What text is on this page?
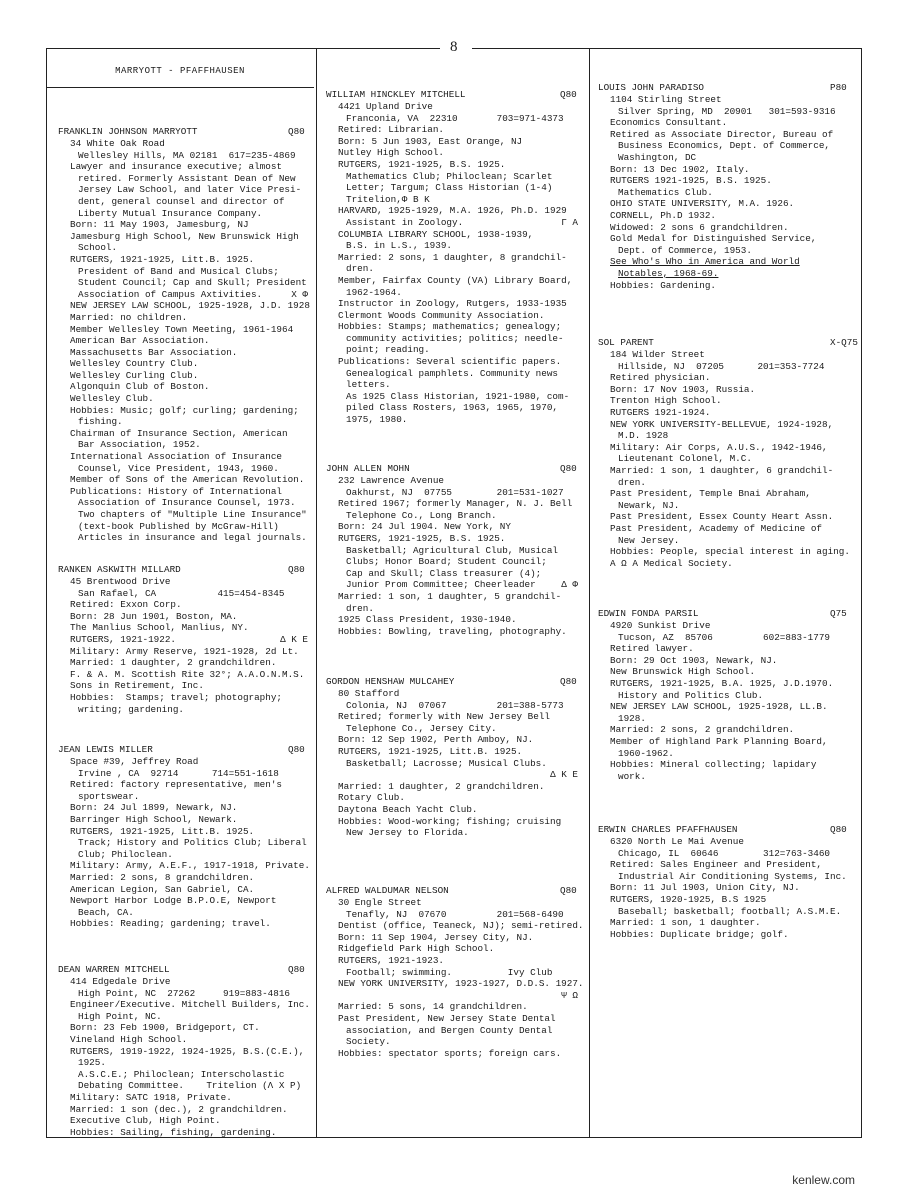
8
MARRYOTT - PFAFFHAUSEN
FRANKLIN JOHNSON MARRYOTT	Q80
34 White Oak Road
Wellesley Hills, MA 02181  617=235-4869
Lawyer and insurance executive; almost
retired. Formerly Assistant Dean of New
Jersey Law School, and later Vice Presi-
dent, general counsel and director of
Liberty Mutual Insurance Company.
Born: 11 May 1903, Jamesburg, NJ
Jamesburg High School, New Brunswick High
School.
RUTGERS, 1921-1925, Litt.B. 1925.
President of Band and Musical Clubs;
Student Council; Cap and Skull; President
Association of Campus Axtivities.	X Φ
NEW JERSEY LAW SCHOOL, 1925-1928, J.D. 1928
Married: no children.
Member Wellesley Town Meeting, 1961-1964
American Bar Association.
Massachusetts Bar Association.
Wellesley Country Club.
Wellesley Curling Club.
Algonquin Club of Boston.
Wellesley Club.
Hobbies: Music; golf; curling; gardening;
fishing.
Chairman of Insurance Section, American
Bar Association, 1952.
International Association of Insurance
Counsel, Vice President, 1943, 1960.
Member of Sons of the American Revolution.
Publications: History of International
Association of Insurance Counsel, 1973.
Two chapters of "Multiple Line Insurance"
(text-book Published by McGraw-Hill)
Articles in insurance and legal journals.
RANKEN ASKWITH MILLARD	Q80
45 Brentwood Drive
San Rafael, CA           415=454-8345
Retired: Exxon Corp.
Born: 28 Jun 1901, Boston, MA.
The Manlius School, Manlius, NY.
RUTGERS, 1921-1922.	Δ K E
Military: Army Reserve, 1921-1928, 2d Lt.
Married: 1 daughter, 2 grandchildren.
F. & A. M. Scottish Rite 32°; A.A.O.N.M.S.
Sons in Retirement, Inc.
Hobbies:  Stamps; travel; photography;
writing; gardening.
JEAN LEWIS MILLER	Q80
Space #39, Jeffrey Road
Irvine , CA  92714      714=551-1618
Retired: factory representative, men's
sportswear.
Born: 24 Jul 1899, Newark, NJ.
Barringer High School, Newark.
RUTGERS, 1921-1925, Litt.B. 1925.
Track; History and Politics Club; Liberal
Club; Philoclean.
Military: Army, A.E.F., 1917-1918, Private.
Married: 2 sons, 8 grandchildren.
American Legion, San Gabriel, CA.
Newport Harbor Lodge B.P.O.E, Newport
Beach, CA.
Hobbies: Reading; gardening; travel.
DEAN WARREN MITCHELL	Q80
414 Edgedale Drive
High Point, NC  27262     919=883-4816
Engineer/Executive. Mitchell Builders, Inc.
High Point, NC.
Born: 23 Feb 1900, Bridgeport, CT.
Vineland High School.
RUTGERS, 1919-1922, 1924-1925, B.S.(C.E.),
1925.
A.S.C.E.; Philoclean; Interscholastic
Debating Committee.    Tritelion (Λ X P)
Military: SATC 1918, Private.
Married: 1 son (dec.), 2 grandchildren.
Executive Club, High Point.
Hobbies: Sailing, fishing, gardening.
WILLIAM HINCKLEY MITCHELL	Q80
4421 Upland Drive
Franconia, VA  22310       703=971-4373
Retired: Librarian.
Born: 5 Jun 1903, East Orange, NJ
Nutley High School.
RUTGERS, 1921-1925, B.S. 1925.
Mathematics Club; Philoclean; Scarlet
Letter; Targum; Class Historian (1-4)
Tritelion,Φ B K
HARVARD, 1925-1929, M.A. 1926, Ph.D. 1929
Assistant in Zoology.	Γ Α
COLUMBIA LIBRARY SCHOOL, 1938-1939,
B.S. in L.S., 1939.
Married: 2 sons, 1 daughter, 8 grandchil-
dren.
Member, Fairfax County (VA) Library Board,
1962-1964.
Instructor in Zoology, Rutgers, 1933-1935
Clermont Woods Community Association.
Hobbies: Stamps; mathematics; genealogy;
community activities; politics; needle-
point; reading.
Publications: Several scientific papers.
Genealogical pamphlets. Community news
letters.
As 1925 Class Historian, 1921-1980, com-
piled Class Rosters, 1963, 1965, 1970,
1975, 1980.
JOHN ALLEN MOHN	Q80
232 Lawrence Avenue
Oakhurst, NJ  07755        201=531-1027
Retired 1967; formerly Manager, N. J. Bell
Telephone Co., Long Branch.
Born: 24 Jul 1904. New York, NY
RUTGERS, 1921-1925, B.S. 1925.
Basketball; Agricultural Club, Musical
Clubs; Honor Board; Student Council;
Cap and Skull; Class treasurer (4);
Junior Prom Committee; Cheerleader	Δ Φ
Married: 1 son, 1 daughter, 5 grandchil-
dren.
1925 Class President, 1930-1940.
Hobbies: Bowling, traveling, photography.
GORDON HENSHAW MULCAHEY	Q80
80 Stafford
Colonia, NJ  07067         201=388-5773
Retired; formerly with New Jersey Bell
Telephone Co., Jersey City.
Born: 12 Sep 1902, Perth Amboy, NJ.
RUTGERS, 1921-1925, Litt.B. 1925.
Basketball; Lacrosse; Musical Clubs.
Δ K E
Married: 1 daughter, 2 grandchildren.
Rotary Club.
Daytona Beach Yacht Club.
Hobbies: Wood-working; fishing; cruising
New Jersey to Florida.
ALFRED WALDUMAR NELSON	Q80
30 Engle Street
Tenafly, NJ  07670         201=568-6490
Dentist (office, Teaneck, NJ); semi-retired.
Born: 11 Sep 1904, Jersey City, NJ.
Ridgefield Park High School.
RUTGERS, 1921-1923.
Football; swimming.          Ivy Club
NEW YORK UNIVERSITY, 1923-1927, D.D.S. 1927.
Ψ Ω
Married: 5 sons, 14 grandchildren.
Past President, New Jersey State Dental
association, and Bergen County Dental
Society.
Hobbies: spectator sports; foreign cars.
LOUIS JOHN PARADISO	P80
1104 Stirling Street
Silver Spring, MD  20901   301=593-9316
Economics Consultant.
Retired as Associate Director, Bureau of
Business Economics, Dept. of Commerce,
Washington, DC
Born: 13 Dec 1902, Italy.
RUTGERS 1921-1925, B.S. 1925.
Mathematics Club.
OHIO STATE UNIVERSITY, M.A. 1926.
CORNELL, Ph.D 1932.
Widowed: 2 sons 6 grandchildren.
Gold Medal for Distinguished Service,
Dept. of Commerce, 1953.
See Who's Who in America and World
Notables, 1968-69.
Hobbies: Gardening.
SOL PARENT	X-Q75
184 Wilder Street
Hillside, NJ  07205      201=353-7724
Retired physician.
Born: 17 Nov 1903, Russia.
Trenton High School.
RUTGERS 1921-1924.
NEW YORK UNIVERSITY-BELLEVUE, 1924-1928,
M.D. 1928
Military: Air Corps, A.U.S., 1942-1946,
Lieutenant Colonel, M.C.
Married: 1 son, 1 daughter, 6 grandchil-
dren.
Past President, Temple Bnai Abraham,
Newark, NJ.
Past President, Essex County Heart Assn.
Past President, Academy of Medicine of
New Jersey.
Hobbies: People, special interest in aging.
A Ω A Medical Society.
EDWIN FONDA PARSIL	Q75
4920 Sunkist Drive
Tucson, AZ  85706         602=883-1779
Retired lawyer.
Born: 29 Oct 1903, Newark, NJ.
New Brunswick High School.
RUTGERS, 1921-1925, B.A. 1925, J.D.1970.
History and Politics Club.
NEW JERSEY LAW SCHOOL, 1925-1928, LL.B.
1928.
Married: 2 sons, 2 grandchildren.
Member of Highland Park Planning Board,
1960-1962.
Hobbies: Mineral collecting; lapidary
work.
ERWIN CHARLES PFAFFHAUSEN	Q80
6320 North Le Mai Avenue
Chicago, IL  60646        312=763-3460
Retired: Sales Engineer and President,
Industrial Air Conditioning Systems, Inc.
Born: 11 Jul 1903, Union City, NJ.
RUTGERS, 1920-1925, B.S 1925
Baseball; basketball; football; A.S.M.E.
Married: 1 son, 1 daughter.
Hobbies: Duplicate bridge; golf.
kenlew.com
